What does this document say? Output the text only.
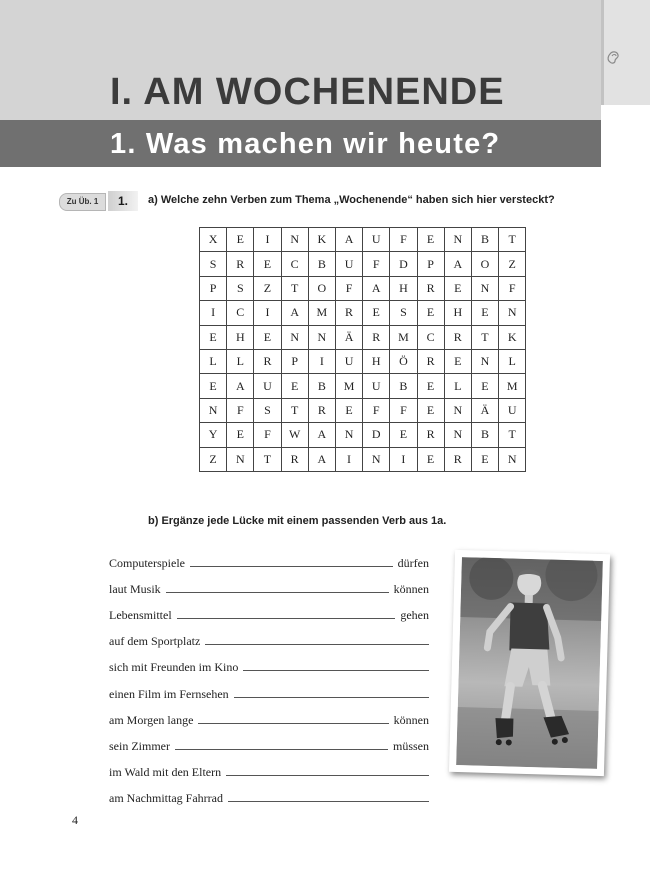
I. AM WOCHENENDE
1. Was machen wir heute?
Zu Üb. 1	1.	a) Welche zehn Verben zum Thema „Wochenende“ haben sich hier versteckt?
X	E	I	N	K	A	U	F	E	N	B	T
S	R	E	C	B	U	F	D	P	A	O	Z
P	S	Z	T	O	F	A	H	R	E	N	F
I	C	I	A	M	R	E	S	E	H	E	N
E	H	E	N	N	Ä	R	M	C	R	T	K
L	L	R	P	I	U	H	Ö	R	E	N	L
E	A	U	E	B	M	U	B	E	L	E	M
N	F	S	T	R	E	F	F	E	N	Ä	U
Y	E	F	W	A	N	D	E	R	N	B	T
Z	N	T	R	A	I	N	I	E	R	E	N
b) Ergänze jede Lücke mit einem passenden Verb aus 1a.
Computerspiele	dürfen
laut Musik	können
Lebensmittel	gehen
auf dem Sportplatz
sich mit Freunden im Kino
einen Film im Fernsehen
am Morgen lange	können
sein Zimmer	müssen
im Wald mit den Eltern
am Nachmittag Fahrrad
4
